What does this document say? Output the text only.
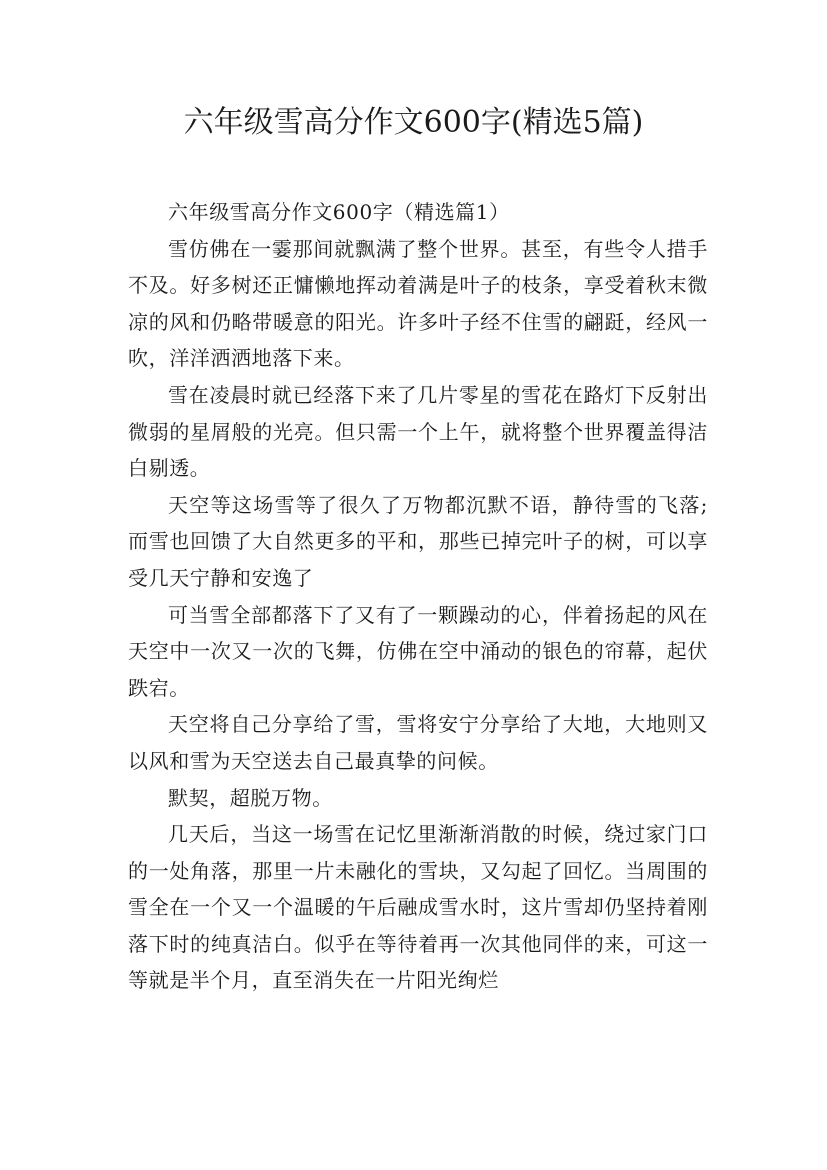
六年级雪高分作文600字(精选5篇)

六年级雪高分作文600字（精选篇1）

雪仿佛在一霎那间就飘满了整个世界。甚至，有些令人措手不及。好多树还正慵懒地挥动着满是叶子的枝条，享受着秋末微凉的风和仍略带暖意的阳光。许多叶子经不住雪的翩跹，经风一吹，洋洋洒洒地落下来。

雪在凌晨时就已经落下来了几片零星的雪花在路灯下反射出微弱的星屑般的光亮。但只需一个上午，就将整个世界覆盖得洁白剔透。

天空等这场雪等了很久了万物都沉默不语，静待雪的飞落;而雪也回馈了大自然更多的平和，那些已掉完叶子的树，可以享受几天宁静和安逸了

可当雪全部都落下了又有了一颗躁动的心，伴着扬起的风在天空中一次又一次的飞舞，仿佛在空中涌动的银色的帘幕，起伏跌宕。

天空将自己分享给了雪，雪将安宁分享给了大地，大地则又以风和雪为天空送去自己最真挚的问候。

默契，超脱万物。

几天后，当这一场雪在记忆里渐渐消散的时候，绕过家门口的一处角落，那里一片未融化的雪块，又勾起了回忆。当周围的雪全在一个又一个温暖的午后融成雪水时，这片雪却仍坚持着刚落下时的纯真洁白。似乎在等待着再一次其他同伴的来，可这一等就是半个月，直至消失在一片阳光绚烂
